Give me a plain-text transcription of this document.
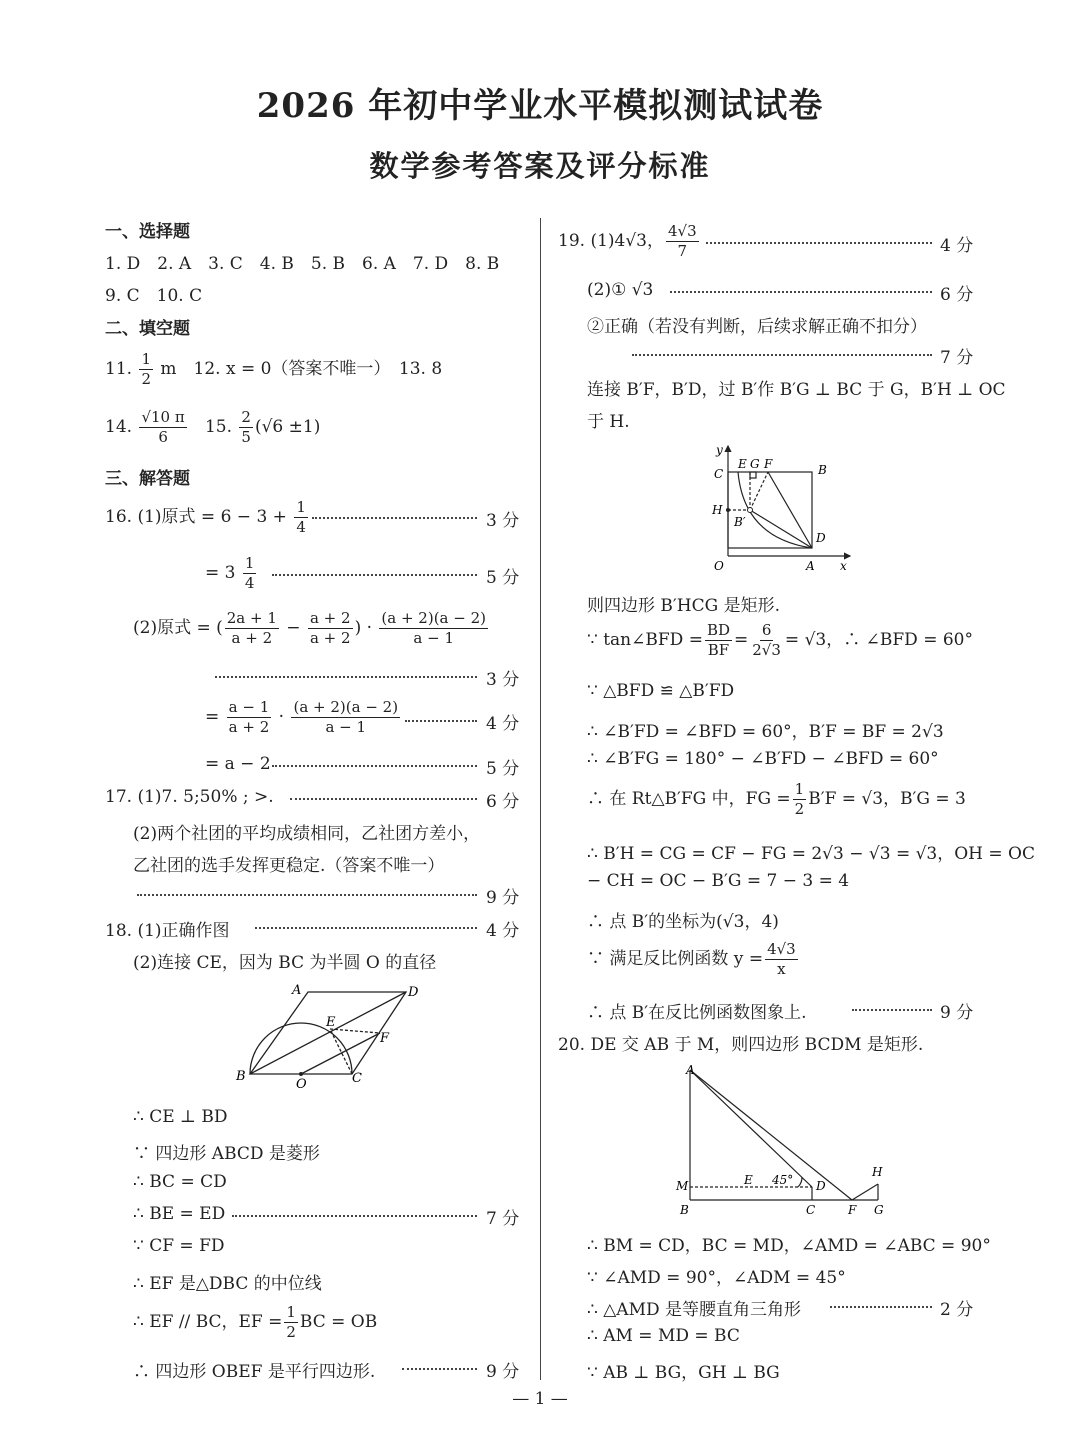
2026 年初中学业水平模拟测试试卷
数学参考答案及评分标准
一、选择题
1. D　2. A　3. C　4. B　5. B　6. A　7. D　8. B
9. C　10. C
二、填空题
11. $\frac{1}{2}$ m　12. x = 0（答案不唯一）　13. 8
14. $\frac{√10 \pi}{6} 15$. $\frac{2}{5} (√6 \pm 1)$
三、解答题
16. (1)原式 = $6 - 3 + \frac{1}{4}$	3 分
= $3 \frac{1}{4}$	5 分
(2)原式 = ( $\frac{2a + 1}{a + 2} - \frac{a + 2}{a + 2}$ ) · $\frac{(a + 2)(a - 2)}{a - 1}$
3 分
= $\frac{a - 1}{a + 2} \cdot \frac{(a + 2)(a - 2)}{a - 1}$	4 分
= a − 2	5 分
17. (1)7. 5;50% ; >.	6 分
(2)两个社团的平均成绩相同，乙社团方差小，
乙社团的选手发挥更稳定.（答案不唯一）
9 分
18. (1)正确作图	4 分
(2)连接 CE，因为 BC 为半圆 O 的直径
A	D
E
F
B
O	C
∴ CE ⊥ BD
∵ 四边形 ABCD 是菱形
∴ BC = CD
∴ BE = ED	7 分
∵ CF = FD
∴ EF 是△DBC 的中位线
∴ EF // BC，EF = $\frac{1}{2}$ BC = OB
∴ 四边形 OBEF 是平行四边形.	9 分
19. (1)4√3， $\frac{4√3}{7}$	4 分
(2)① √3	6 分
②正确（若没有判断，后续求解正确不扣分）
7 分
连接 B′F，B′D，过 B′作 B′G ⊥ BC 于 G，B′H ⊥ OC
于 H.
y
C
E G F	B
H
B′
D
O	A x
则四边形 B′HCG 是矩形.
∵ tan∠BFD = $\frac{BD}{BF} = \frac{6}{2√3} = √3$，∴ ∠BFD = 60°
∵ △BFD ≌ △B′FD
∴ ∠B′FD = ∠BFD = 60°，B′F = BF = 2√3
∴ ∠B′FG = 180° − ∠B′FD − ∠BFD = 60°
∴ 在 Rt△B′FG 中，FG = $\frac{1}{2} B'F = √3$，B′G = 3
∴ B′H = CG = CF − FG = 2√3 − √3 = √3，OH = OC
− CH = OC − B′G = 7 − 3 = 4
∴ 点 B′的坐标为(√3，4)
∵ 满足反比例函数 $y = \frac{4√3}{x}$
∴ 点 B′在反比例函数图象上.	9 分
20. DE 交 AB 于 M，则四边形 BCDM 是矩形.
A
M
B
E 45° D
C	F G
H
∴ BM = CD，BC = MD，∠AMD = ∠ABC = 90°
∵ ∠AMD = 90°，∠ADM = 45°
∴ △AMD 是等腰直角三角形	2 分
∴ AM = MD = BC
∵ AB ⊥ BG，GH ⊥ BG
— 1 —
